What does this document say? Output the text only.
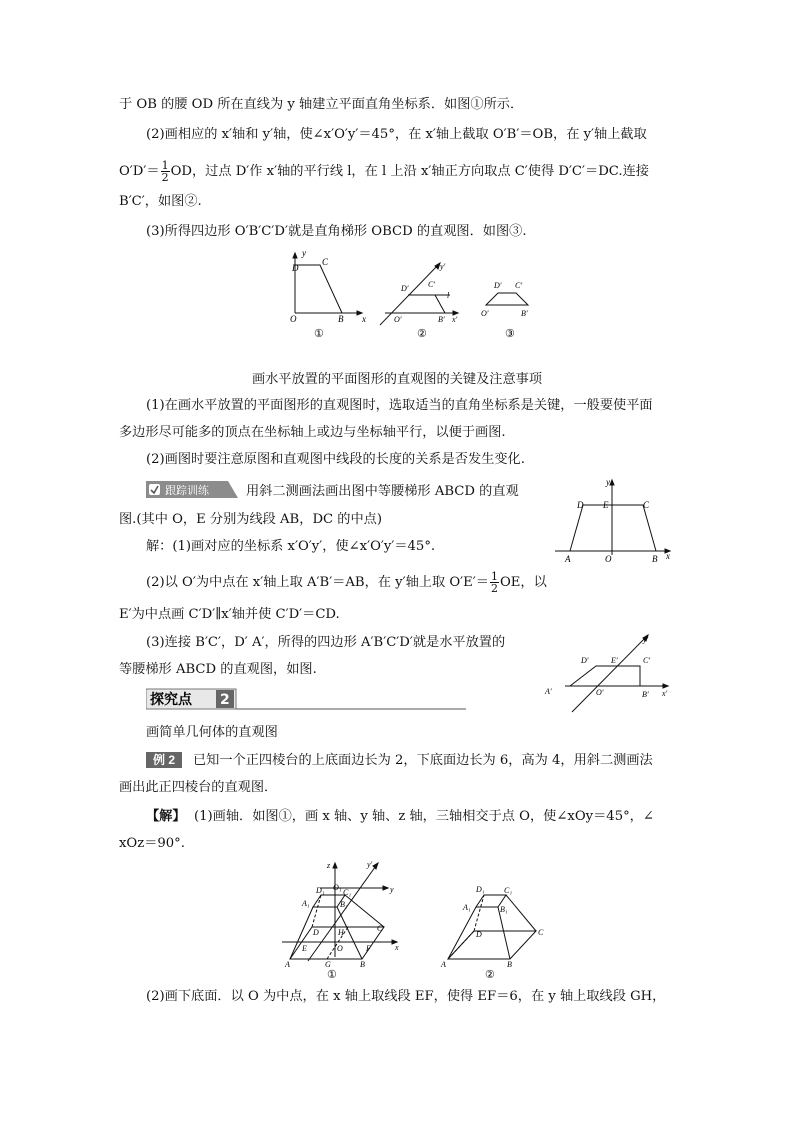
于 OB 的腰 OD 所在直线为 y 轴建立平面直角坐标系．如图①所示．
(2)画相应的 x′轴和 y′轴，使∠x′O′y′＝45°，在 x′轴上截取 O′B′＝OB，在 y′轴上截取
$O'D'= \frac{1}{2}$ OD，过点 D′作 x′轴的平行线 l，在 l 上沿 x′轴正方向取点 C′使得 D′C′＝DC.连接
B′C′，如图②.
(3)所得四边形 O′B′C′D′就是直角梯形 OBCD 的直观图．如图③.
y
D
C
O	B x
①
y′
D′ C′
l
O′	B′ x′
②
D′ C′
O′	B′
③
画水平放置的平面图形的直观图的关键及注意事项
(1)在画水平放置的平面图形的直观图时，选取适当的直角坐标系是关键，一般要使平面
多边形尽可能多的顶点在坐标轴上或边与坐标轴平行，以便于画图.
(2)画图时要注意原图和直观图中线段的长度的关系是否发生变化.
跟踪训练	用斜二测画法画出图中等腰梯形 ABCD 的直观
图.(其中 O，E 分别为线段 AB，DC 的中点)
解：(1)画对应的坐标系 x′O′y′，使∠x′O′y′＝45°.
(2)以 O′为中点在 x′轴上取 A′B′＝AB，在 y′轴上取 $O'E'= \frac{1}{2}$ OE，以
E′为中点画 C′D′∥x′轴并使 C′D′＝CD.
(3)连接 B′C′，D′ A′，所得的四边形 A′B′C′D′就是水平放置的
等腰梯形 ABCD 的直观图，如图.
y
D E	C
A	O	B x
y′
D′	E′	C′
A′	O′	B′ x′
探究点 2
画简单几何体的直观图
例 2	已知一个正四棱台的上底面边长为 2，下底面边长为 6，高为 4，用斜二测画法
画出此正四棱台的直观图．
【解】 (1)画轴．如图①，画 x 轴、y 轴、z 轴，三轴相交于点 O，使∠xOy＝45°，∠
xOz＝90°.
z	y′
y
D₁ O₁
C₁
A₁	B₁
D H	C
E	O	F	x
A	G	B
①
D₁ C₁
A₁	B₁
D	C
A	B
②
(2)画下底面．以 O 为中点，在 x 轴上取线段 EF，使得 EF＝6，在 y 轴上取线段 GH，
